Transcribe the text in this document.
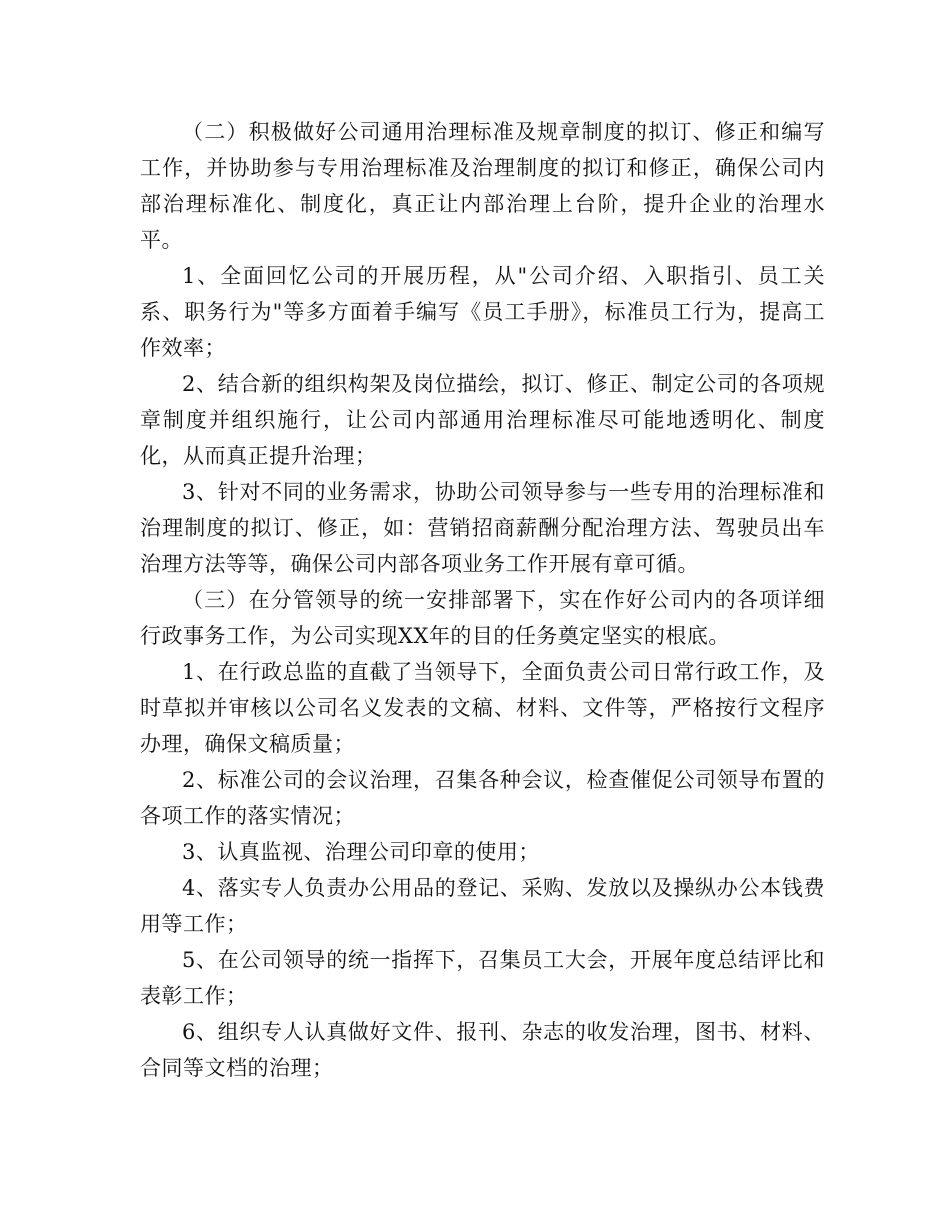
（二）积极做好公司通用治理标准及规章制度的拟订、修正和编写工作，并协助参与专用治理标准及治理制度的拟订和修正，确保公司内部治理标准化、制度化，真正让内部治理上台阶，提升企业的治理水平。

1、全面回忆公司的开展历程，从"公司介绍、入职指引、员工关系、职务行为"等多方面着手编写《员工手册》，标准员工行为，提高工作效率；

2、结合新的组织构架及岗位描绘，拟订、修正、制定公司的各项规章制度并组织施行，让公司内部通用治理标准尽可能地透明化、制度化，从而真正提升治理；

3、针对不同的业务需求，协助公司领导参与一些专用的治理标准和治理制度的拟订、修正，如：营销招商薪酬分配治理方法、驾驶员出车治理方法等等，确保公司内部各项业务工作开展有章可循。

（三）在分管领导的统一安排部署下，实在作好公司内的各项详细行政事务工作，为公司实现XX年的目的任务奠定坚实的根底。

1、在行政总监的直截了当领导下，全面负责公司日常行政工作，及时草拟并审核以公司名义发表的文稿、材料、文件等，严格按行文程序办理，确保文稿质量；

2、标准公司的会议治理，召集各种会议，检查催促公司领导布置的各项工作的落实情况；

3、认真监视、治理公司印章的使用；

4、落实专人负责办公用品的登记、采购、发放以及操纵办公本钱费用等工作；

5、在公司领导的统一指挥下，召集员工大会，开展年度总结评比和表彰工作；

6、组织专人认真做好文件、报刊、杂志的收发治理，图书、材料、合同等文档的治理；
